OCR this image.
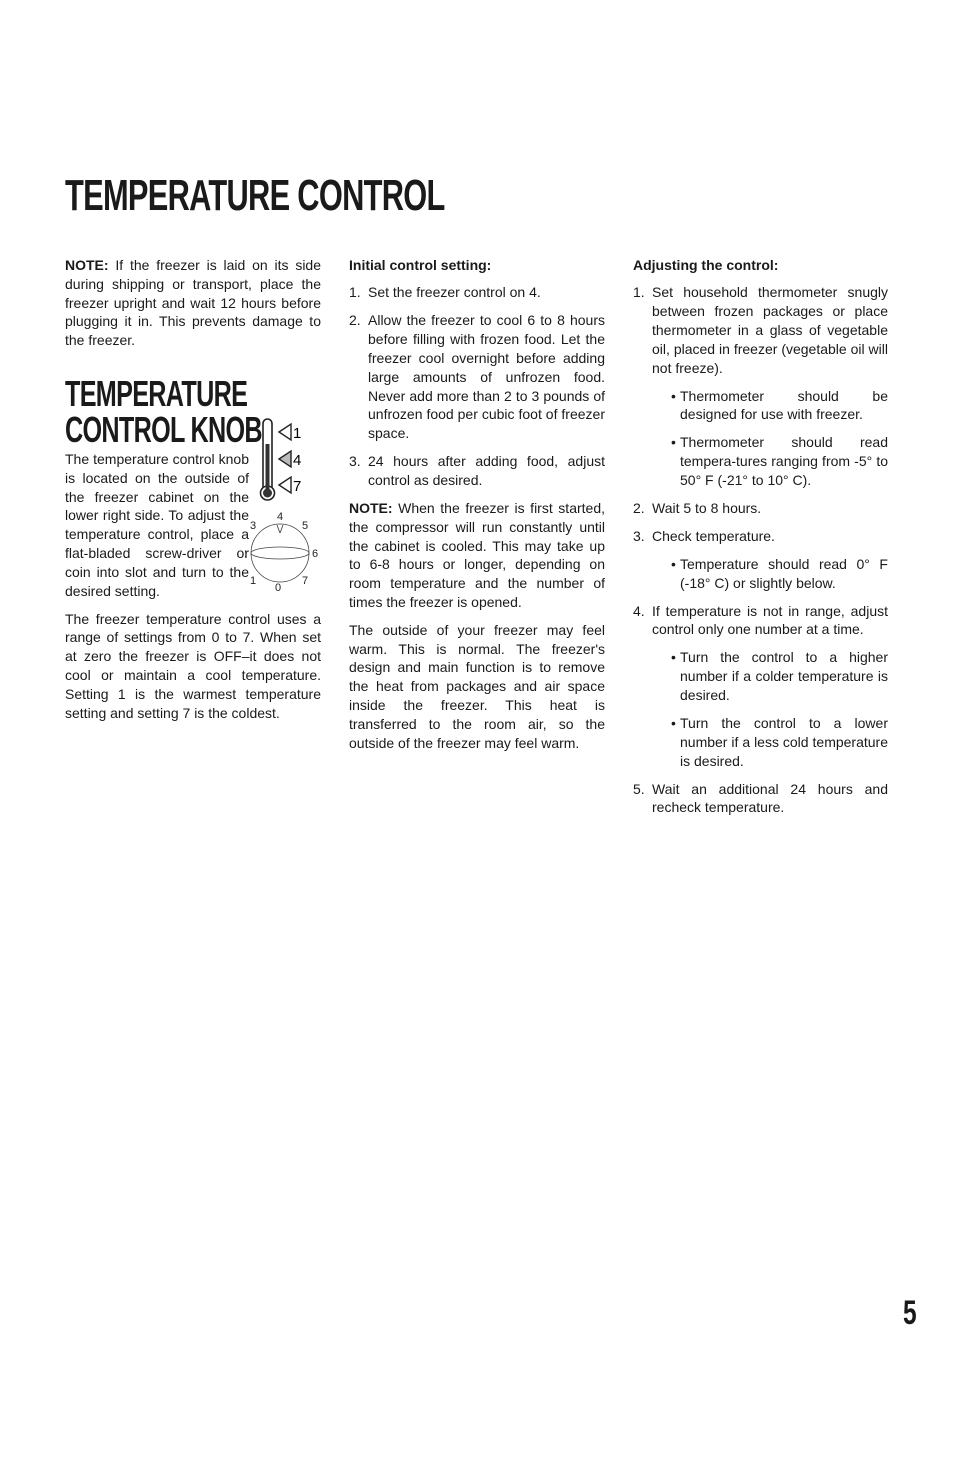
TEMPERATURE CONTROL

NOTE: If the freezer is laid on its side during shipping or transport, place the freezer upright and wait 12 hours before plugging it in. This prevents damage to the freezer.

TEMPERATURE CONTROL KNOB

The temperature control knob is located on the outside of the freezer cabinet on the lower right side. To adjust the temperature control, place a flat-bladed screw-driver or coin into slot and turn to the desired setting.

1
4
7
4
3	5
6
1	7
0

The freezer temperature control uses a range of settings from 0 to 7. When set at zero the freezer is OFF–it does not cool or maintain a cool temperature. Setting 1 is the warmest temperature setting and setting 7 is the coldest.

Initial control setting:

1. Set the freezer control on 4.
2. Allow the freezer to cool 6 to 8 hours before filling with frozen food. Let the freezer cool overnight before adding large amounts of unfrozen food. Never add more than 2 to 3 pounds of unfrozen food per cubic foot of freezer space.
3. 24 hours after adding food, adjust control as desired.

NOTE: When the freezer is first started, the compressor will run constantly until the cabinet is cooled. This may take up to 6-8 hours or longer, depending on room temperature and the number of times the freezer is opened.

The outside of your freezer may feel warm. This is normal. The freezer's design and main function is to remove the heat from packages and air space inside the freezer. This heat is transferred to the room air, so the outside of the freezer may feel warm.

Adjusting the control:

1. Set household thermometer snugly between frozen packages or place thermometer in a glass of vegetable oil, placed in freezer (vegetable oil will not freeze).
• Thermometer should be designed for use with freezer.
• Thermometer should read tempera-tures ranging from -5° to 50° F (-21° to 10° C).
2. Wait 5 to 8 hours.
3. Check temperature.
• Temperature should read 0° F (-18° C) or slightly below.
4. If temperature is not in range, adjust control only one number at a time.
• Turn the control to a higher number if a colder temperature is desired.
• Turn the control to a lower number if a less cold temperature is desired.
5. Wait an additional 24 hours and recheck temperature.
5
